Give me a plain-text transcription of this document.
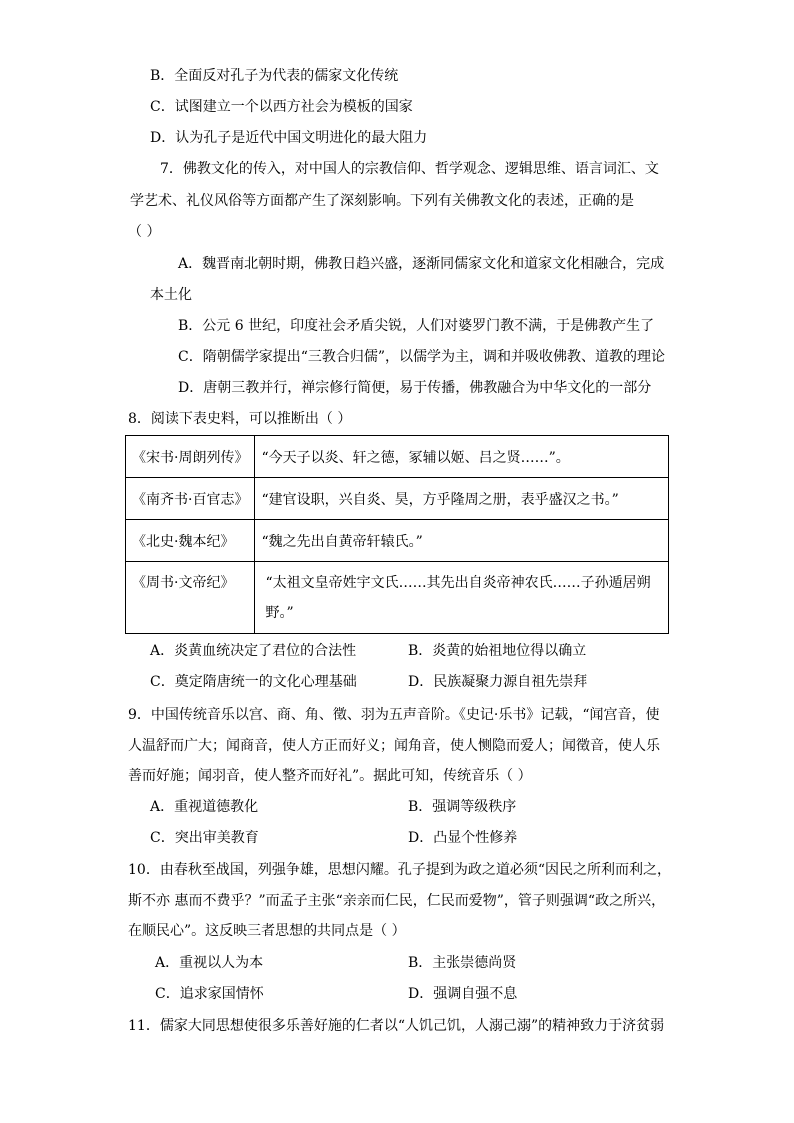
B．全面反对孔子为代表的儒家文化传统
C．试图建立一个以西方社会为模板的国家
D．认为孔子是近代中国文明进化的最大阻力
7．佛教文化的传入，对中国人的宗教信仰、哲学观念、逻辑思维、语言词汇、文
学艺术、礼仪风俗等方面都产生了深刻影响。下列有关佛教文化的表述，正确的是
（ ）
A．魏晋南北朝时期，佛教日趋兴盛，逐渐同儒家文化和道家文化相融合，完成
本土化
B．公元 6 世纪，印度社会矛盾尖锐，人们对婆罗门教不满，于是佛教产生了
C．隋朝儒学家提出“三教合归儒”，以儒学为主，调和并吸收佛教、道教的理论
D．唐朝三教并行，禅宗修行简便，易于传播，佛教融合为中华文化的一部分
8．阅读下表史料，可以推断出（ ）
《宋书·周朗列传》	“今天子以炎、轩之德，冢辅以姬、吕之贤……”。
《南齐书·百官志》	“建官设职，兴自炎、昊，方乎隆周之册，表乎盛汉之书。”
《北史·魏本纪》	“魏之先出自黄帝轩辕氏。”
《周书·文帝纪》	“太祖文皇帝姓宇文氏……其先出自炎帝神农氏……子孙遁居朔
野。”
A．炎黄血统决定了君位的合法性	B．炎黄的始祖地位得以确立
C．奠定隋唐统一的文化心理基础	D．民族凝聚力源自祖先崇拜
9．中国传统音乐以宫、商、角、徵、羽为五声音阶。《史记·乐书》记载，“闻宫音，使
人温舒而广大；闻商音，使人方正而好义；闻角音，使人恻隐而爱人；闻徵音，使人乐
善而好施；闻羽音，使人整齐而好礼”。据此可知，传统音乐（ ）
A．重视道德教化	B．强调等级秩序
C．突出审美教育	D．凸显个性修养
10．由春秋至战国，列强争雄，思想闪耀。孔子提到为政之道必须“因民之所利而利之，
斯不亦 惠而不费乎？”而孟子主张“亲亲而仁民，仁民而爱物”，管子则强调“政之所兴，
在顺民心”。这反映三者思想的共同点是（ ）
A．重视以人为本	B．主张崇德尚贤
C．追求家国情怀	D．强调自强不息
11．儒家大同思想使很多乐善好施的仁者以“人饥己饥，人溺己溺”的精神致力于济贫弱
